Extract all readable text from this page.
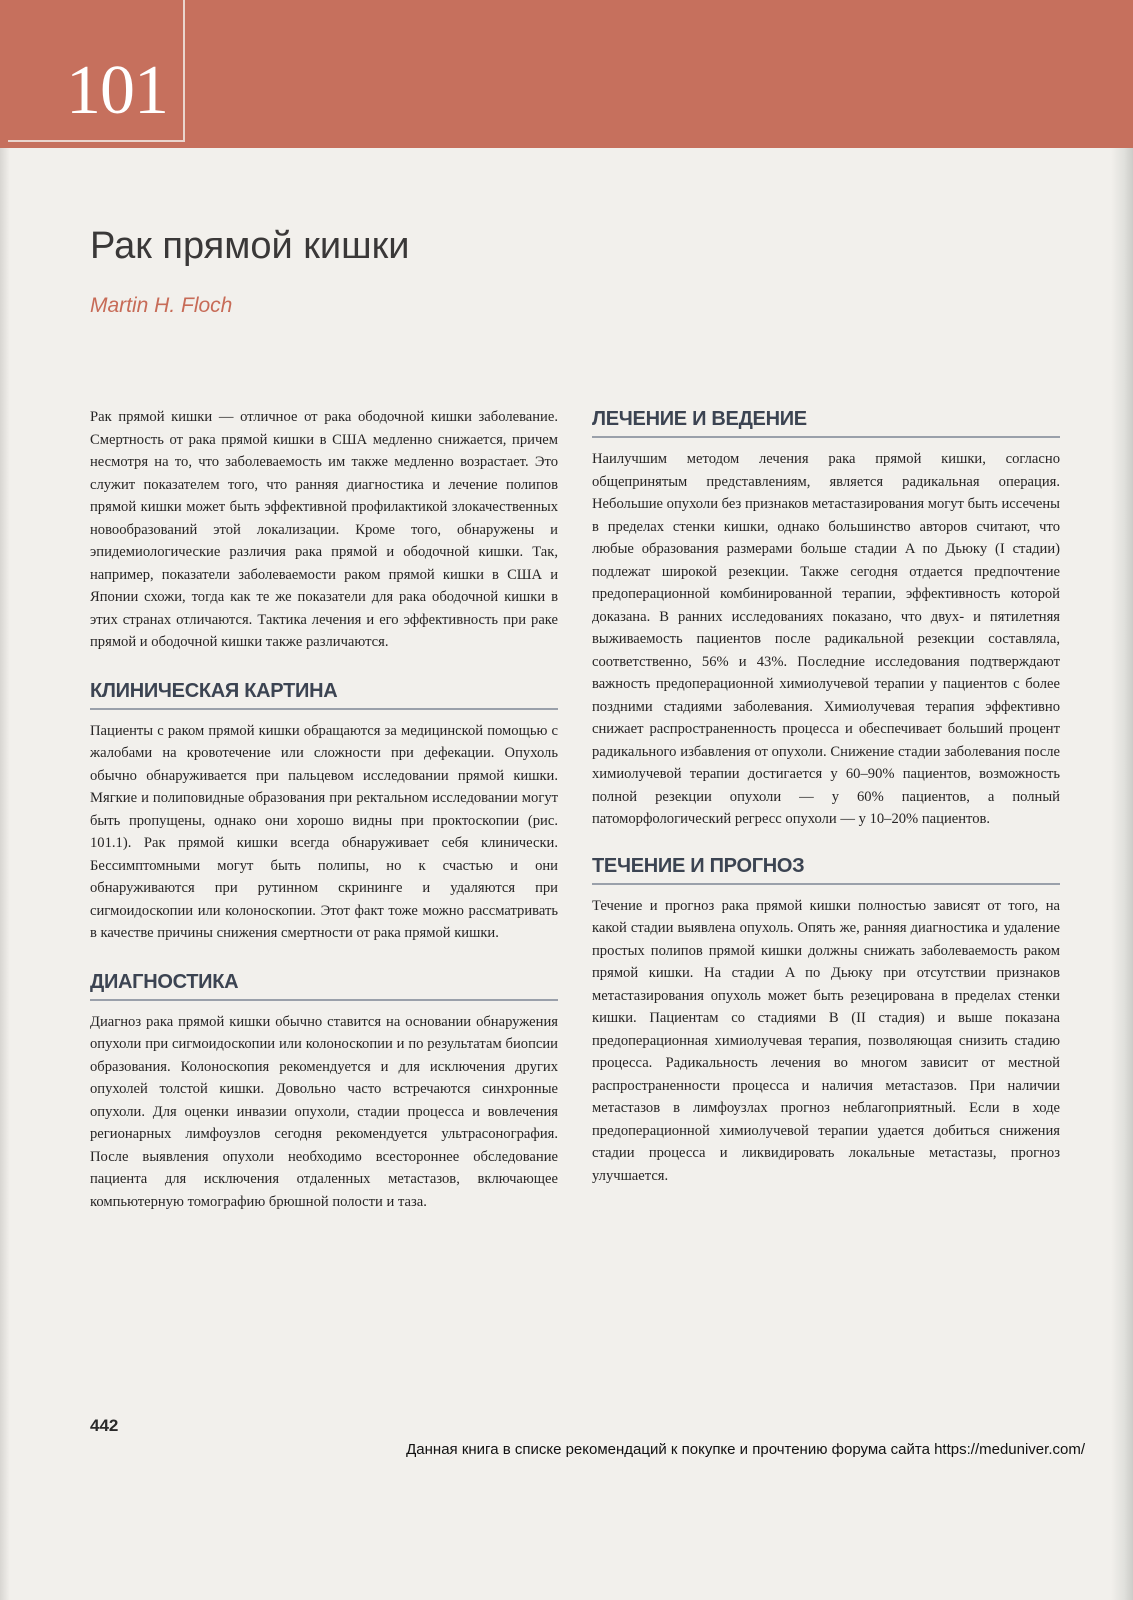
101
Рак прямой кишки
Martin H. Floch

Рак прямой кишки — отличное от рака ободочной кишки заболевание. Смертность от рака прямой кишки в США медленно снижается, причем несмотря на то, что заболеваемость им также медленно возрастает. Это служит показателем того, что ранняя диагностика и лечение полипов прямой кишки может быть эффективной профилактикой злокачественных новообразований этой локализации. Кроме того, обнаружены и эпидемиологические различия рака прямой и ободочной кишки. Так, например, показатели заболеваемости раком прямой кишки в США и Японии схожи, тогда как те же показатели для рака ободочной кишки в этих странах отличаются. Тактика лечения и его эффективность при раке прямой и ободочной кишки также различаются.

КЛИНИЧЕСКАЯ КАРТИНА

Пациенты с раком прямой кишки обращаются за медицинской помощью с жалобами на кровотечение или сложности при дефекации. Опухоль обычно обнаруживается при пальцевом исследовании прямой кишки. Мягкие и полиповидные образования при ректальном исследовании могут быть пропущены, однако они хорошо видны при проктоскопии (рис. 101.1). Рак прямой кишки всегда обнаруживает себя клинически. Бессимптомными могут быть полипы, но к счастью и они обнаруживаются при рутинном скрининге и удаляются при сигмоидоскопии или колоноскопии. Этот факт тоже можно рассматривать в качестве причины снижения смертности от рака прямой кишки.

ДИАГНОСТИКА

Диагноз рака прямой кишки обычно ставится на основании обнаружения опухоли при сигмоидоскопии или колоноскопии и по результатам биопсии образования. Колоноскопия рекомендуется и для исключения других опухолей толстой кишки. Довольно часто встречаются синхронные опухоли. Для оценки инвазии опухоли, стадии процесса и вовлечения регионарных лимфоузлов сегодня рекомендуется ультрасонография. После выявления опухоли необходимо всестороннее обследование пациента для исключения отдаленных метастазов, включающее компьютерную томографию брюшной полости и таза.

ЛЕЧЕНИЕ И ВЕДЕНИЕ

Наилучшим методом лечения рака прямой кишки, согласно общепринятым представлениям, является радикальная операция. Небольшие опухоли без признаков метастазирования могут быть иссечены в пределах стенки кишки, однако большинство авторов считают, что любые образования размерами больше стадии A по Дьюку (I стадии) подлежат широкой резекции. Также сегодня отдается предпочтение предоперационной комбинированной терапии, эффективность которой доказана. В ранних исследованиях показано, что двух- и пятилетняя выживаемость пациентов после радикальной резекции составляла, соответственно, 56% и 43%. Последние исследования подтверждают важность предоперационной химиолучевой терапии у пациентов с более поздними стадиями заболевания. Химиолучевая терапия эффективно снижает распространенность процесса и обеспечивает больший процент радикального избавления от опухоли. Снижение стадии заболевания после химиолучевой терапии достигается у 60–90% пациентов, возможность полной резекции опухоли — у 60% пациентов, а полный патоморфологический регресс опухоли — у 10–20% пациентов.

ТЕЧЕНИЕ И ПРОГНОЗ

Течение и прогноз рака прямой кишки полностью зависят от того, на какой стадии выявлена опухоль. Опять же, ранняя диагностика и удаление простых полипов прямой кишки должны снижать заболеваемость раком прямой кишки. На стадии A по Дьюку при отсутствии признаков метастазирования опухоль может быть резецирована в пределах стенки кишки. Пациентам со стадиями B (II стадия) и выше показана предоперационная химиолучевая терапия, позволяющая снизить стадию процесса. Радикальность лечения во многом зависит от местной распространенности процесса и наличия метастазов. При наличии метастазов в лимфоузлах прогноз неблагоприятный. Если в ходе предоперационной химиолучевой терапии удается добиться снижения стадии процесса и ликвидировать локальные метастазы, прогноз улучшается.

442
Данная книга в списке рекомендаций к покупке и прочтению форума сайта https://meduniver.com/
